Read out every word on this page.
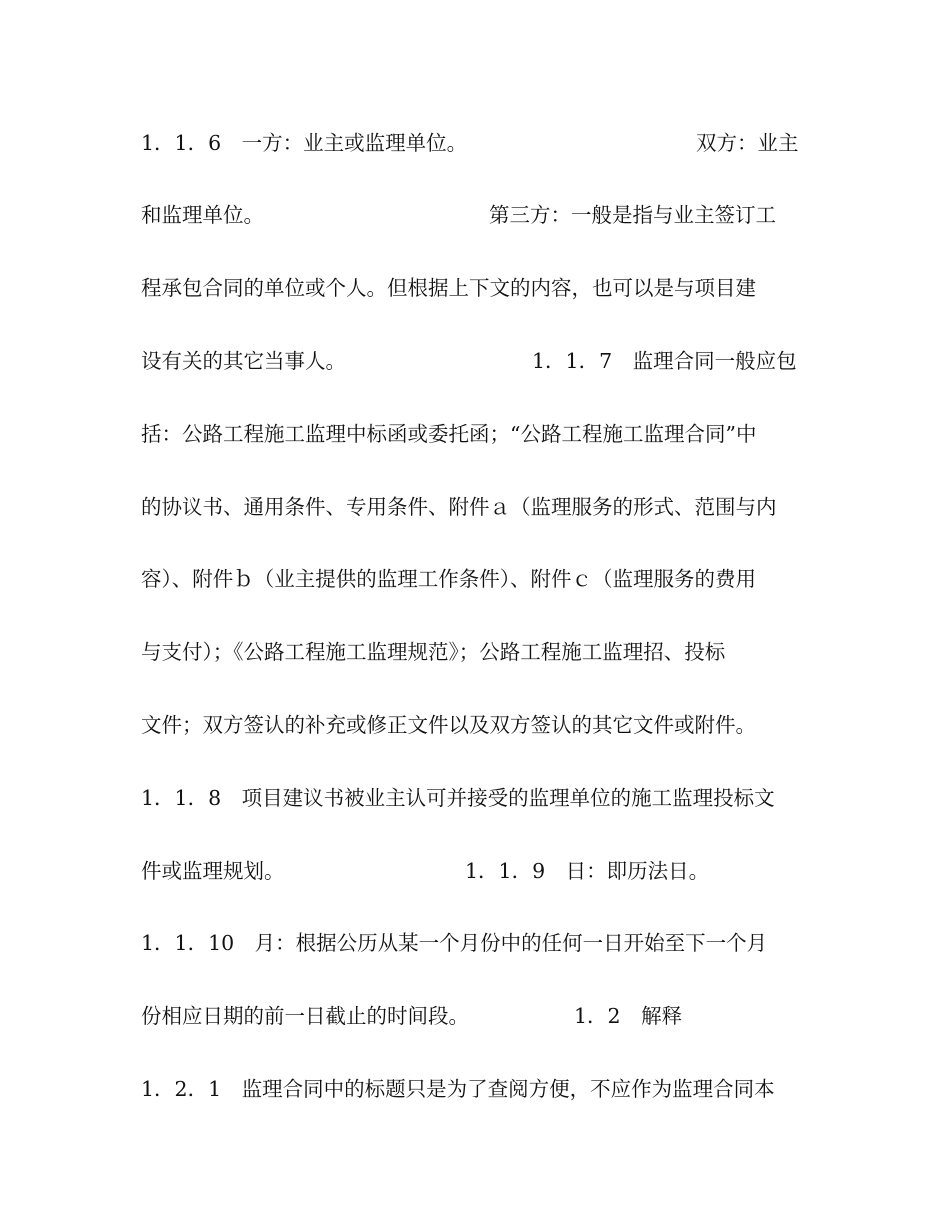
1．1．6　一方：业主或监理单位。

	双方：业主

和监理单位。

	第三方：一般是指与业主签订工

程承包合同的单位或个人。但根据上下文的内容，也可以是与项目建

设有关的其它当事人。

	1．1．7　监理合同一般应包

括：公路工程施工监理中标函或委托函；“公路工程施工监理合同”中

的协议书、通用条件、专用条件、附件ａ（监理服务的形式、范围与内

容）、附件ｂ（业主提供的监理工作条件）、附件ｃ（监理服务的费用

与支付）；《公路工程施工监理规范》；公路工程施工监理招、投标

文件；双方签认的补充或修正文件以及双方签认的其它文件或附件。

1．1．8　项目建议书被业主认可并接受的监理单位的施工监理投标文

件或监理规划。

	1．1．9　日：即历法日。

1．1．10　月：根据公历从某一个月份中的任何一日开始至下一个月

份相应日期的前一日截止的时间段。

	1．2　解释

1．2．1　监理合同中的标题只是为了查阅方便，不应作为监理合同本
